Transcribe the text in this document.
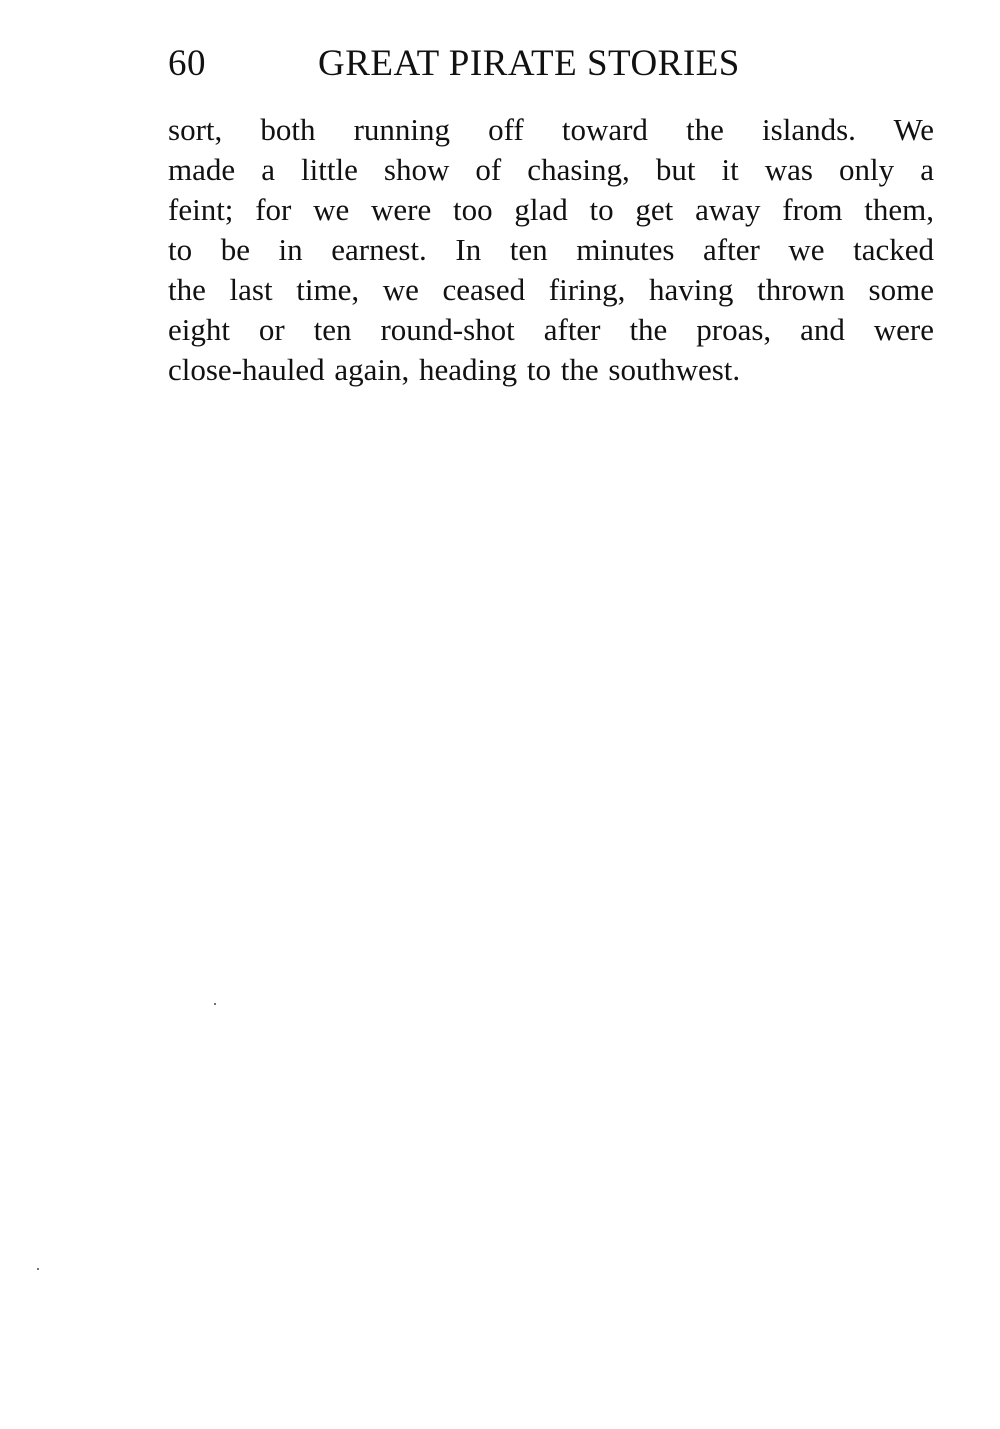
60	GREAT PIRATE STORIES
sort, both running off toward the islands. We
made a little show of chasing, but it was only a
feint; for we were too glad to get away from them,
to be in earnest. In ten minutes after we tacked
the last time, we ceased firing, having thrown some
eight or ten round-shot after the proas, and were
close-hauled again, heading to the southwest.
